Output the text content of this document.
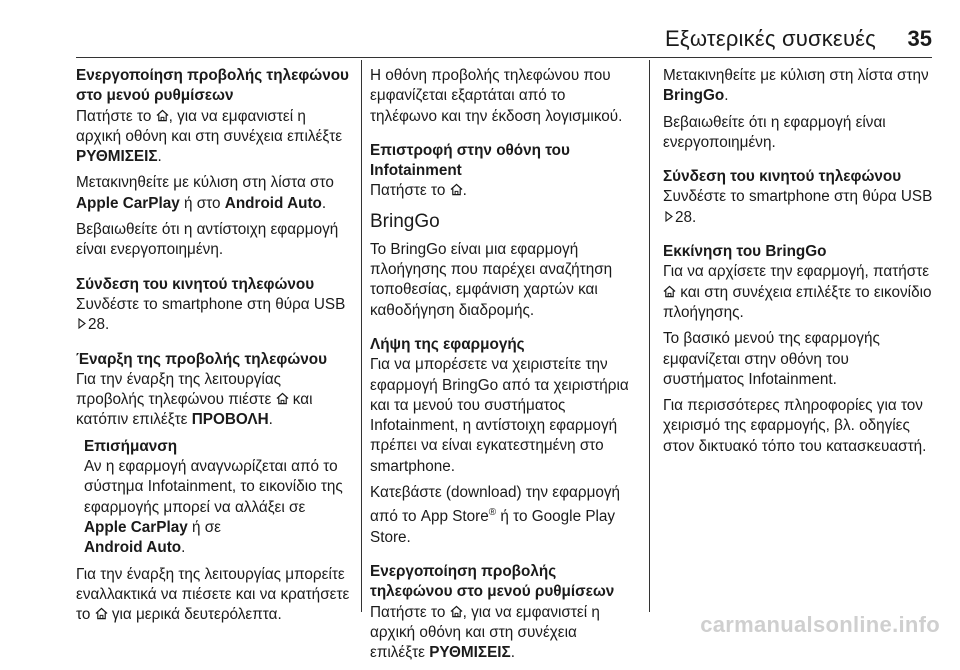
Εξωτερικές συσκευές 35
Ενεργοποίηση προβολής τηλεφώνου στο μενού ρυθμίσεων

Πατήστε το , για να εμφανιστεί η αρχική οθόνη και στη συνέχεια επιλέξτε ΡΥΘΜΙΣΕΙΣ.

Μετακινηθείτε με κύλιση στη λίστα στο Apple CarPlay ή στο Android Auto.

Βεβαιωθείτε ότι η αντίστοιχη εφαρμογή είναι ενεργοποιημένη.

Σύνδεση του κινητού τηλεφώνου

Συνδέστε το smartphone στη θύρα USB 28.

Έναρξη της προβολής τηλεφώνου

Για την έναρξη της λειτουργίας προβολής τηλεφώνου πιέστε και κατόπιν επιλέξτε ΠΡΟΒΟΛΗ.

Επισήμανση

Αν η εφαρμογή αναγνωρίζεται από το σύστημα Infotainment, το εικονίδιο της εφαρμογής μπορεί να αλλάξει σε Apple CarPlay ή σε
Android Auto.

Για την έναρξη της λειτουργίας μπορείτε εναλλακτικά να πιέσετε και να κρατήσετε το για μερικά δευτερόλεπτα.

Η οθόνη προβολής τηλεφώνου που εμφανίζεται εξαρτάται από το τηλέφωνο και την έκδοση λογισμικού.

Επιστροφή στην οθόνη του Infotainment

Πατήστε το .

BringGo

Το BringGo είναι μια εφαρμογή πλοήγησης που παρέχει αναζήτηση τοποθεσίας, εμφάνιση χαρτών και καθοδήγηση διαδρομής.

Λήψη της εφαρμογής

Για να μπορέσετε να χειριστείτε την εφαρμογή BringGo από τα χειριστήρια και τα μενού του συστήματος Infotainment, η αντίστοιχη εφαρμογή πρέπει να είναι εγκατεστημένη στο smartphone.

Κατεβάστε (download) την εφαρμογή από το App Store® ή το Google Play Store.

Ενεργοποίηση προβολής τηλεφώνου στο μενού ρυθμίσεων

Πατήστε το , για να εμφανιστεί η αρχική οθόνη και στη συνέχεια επιλέξτε ΡΥΘΜΙΣΕΙΣ.

Μετακινηθείτε με κύλιση στη λίστα στην BringGo.

Βεβαιωθείτε ότι η εφαρμογή είναι ενεργοποιημένη.

Σύνδεση του κινητού τηλεφώνου

Συνδέστε το smartphone στη θύρα USB 28.

Εκκίνηση του BringGo

Για να αρχίσετε την εφαρμογή, πατήστε  και στη συνέχεια επιλέξτε το εικονίδιο πλοήγησης.

Το βασικό μενού της εφαρμογής εμφανίζεται στην οθόνη του συστήματος Infotainment.

Για περισσότερες πληροφορίες για τον χειρισμό της εφαρμογής, βλ. οδηγίες στον δικτυακό τόπο του κατασκευαστή.

carmanualsonline.info
